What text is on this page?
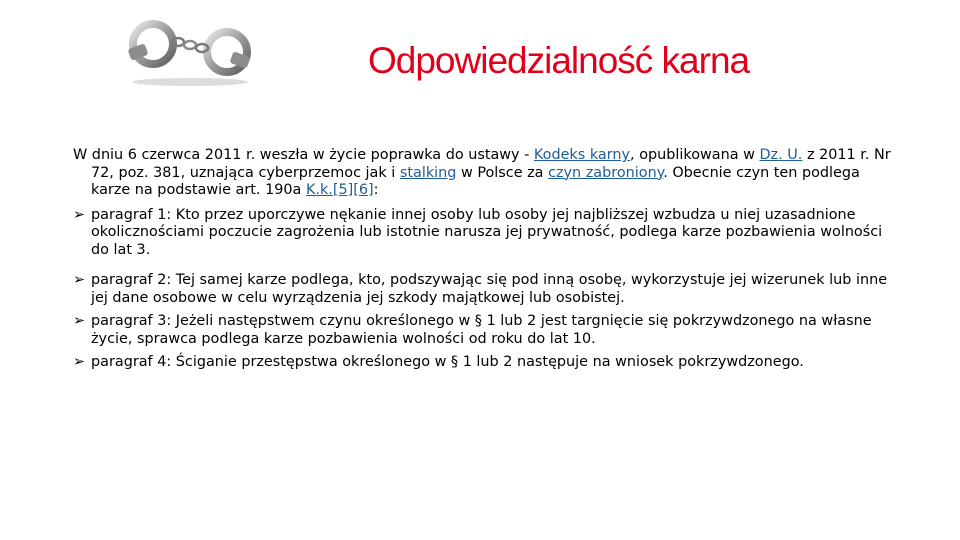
Odpowiedzialność karna

W dniu 6 czerwca 2011 r. weszła w życie poprawka do ustawy - Kodeks karny, opublikowana w Dz. U. z 2011 r. Nr 72, poz. 381, uznająca cyberprzemoc jak i stalking w Polsce za czyn zabroniony. Obecnie czyn ten podlega karze na podstawie art. 190a K.k.[5][6]:

➢ paragraf 1: Kto przez uporczywe nękanie innej osoby lub osoby jej najbliższej wzbudza u niej uzasadnione okolicznościami poczucie zagrożenia lub istotnie narusza jej prywatność, podlega karze pozbawienia wolności do lat 3.

➢ paragraf 2: Tej samej karze podlega, kto, podszywając się pod inną osobę, wykorzystuje jej wizerunek lub inne jej dane osobowe w celu wyrządzenia jej szkody majątkowej lub osobistej.

➢ paragraf 3: Jeżeli następstwem czynu określonego w § 1 lub 2 jest targnięcie się pokrzywdzonego na własne życie, sprawca podlega karze pozbawienia wolności od roku do lat 10.

➢ paragraf 4: Ściganie przestępstwa określonego w § 1 lub 2 następuje na wniosek pokrzywdzonego.
